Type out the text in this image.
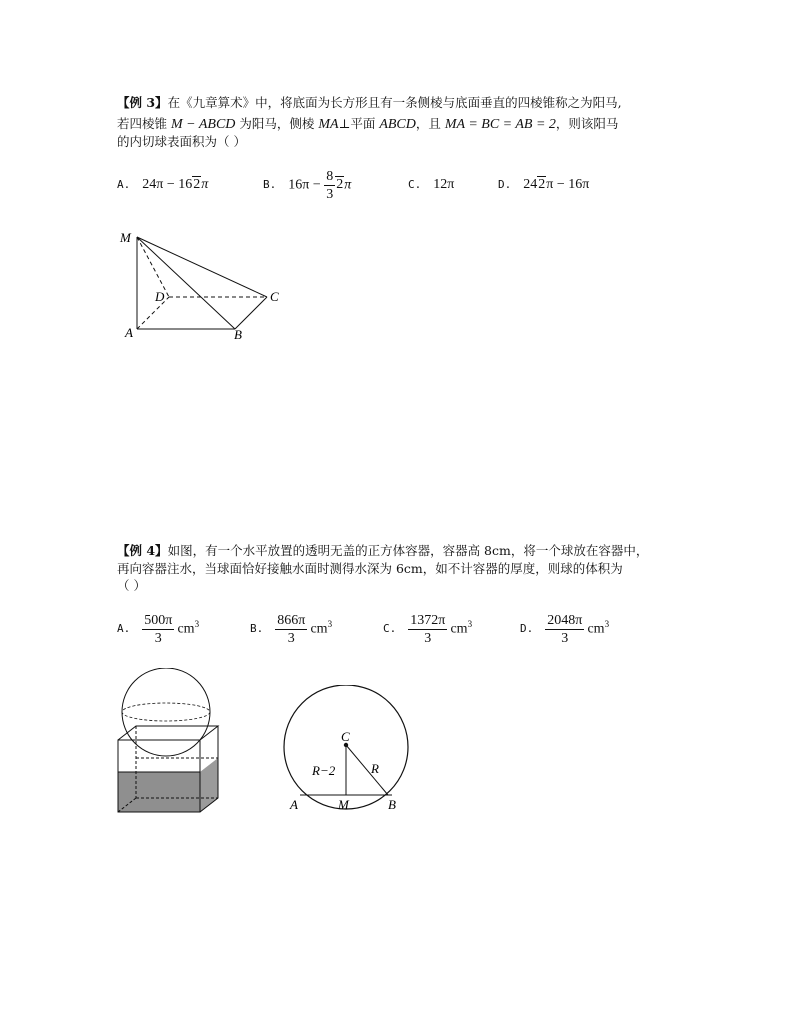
【例 3】在《九章算术》中，将底面为长方形且有一条侧棱与底面垂直的四棱锥称之为阳马,
若四棱锥 M − ABCD 为阳马，侧棱 MA⊥平面 ABCD，且 MA = BC = AB = 2，则该阳马
的内切球表面积为（ ）
A. 24π − 162π	B. $16\pi - \frac{8}{3} 2\pi$	C. 12π	D. 242π − 16π
M
D	C
A	B
【例 4】如图，有一个水平放置的透明无盖的正方体容器，容器高 8cm，将一个球放在容器中，
再向容器注水，当球面恰好接触水面时测得水深为 6cm，如不计容器的厚度，则球的体积为
（ ）
A. $\frac{500\pi}{3} cm^3$	B. $\frac{866\pi}{3} cm^3$	C. $\frac{1372\pi}{3} cm^3$	D. $\frac{2048\pi}{3} cm^3$
C
R−2	R
A	M	B
